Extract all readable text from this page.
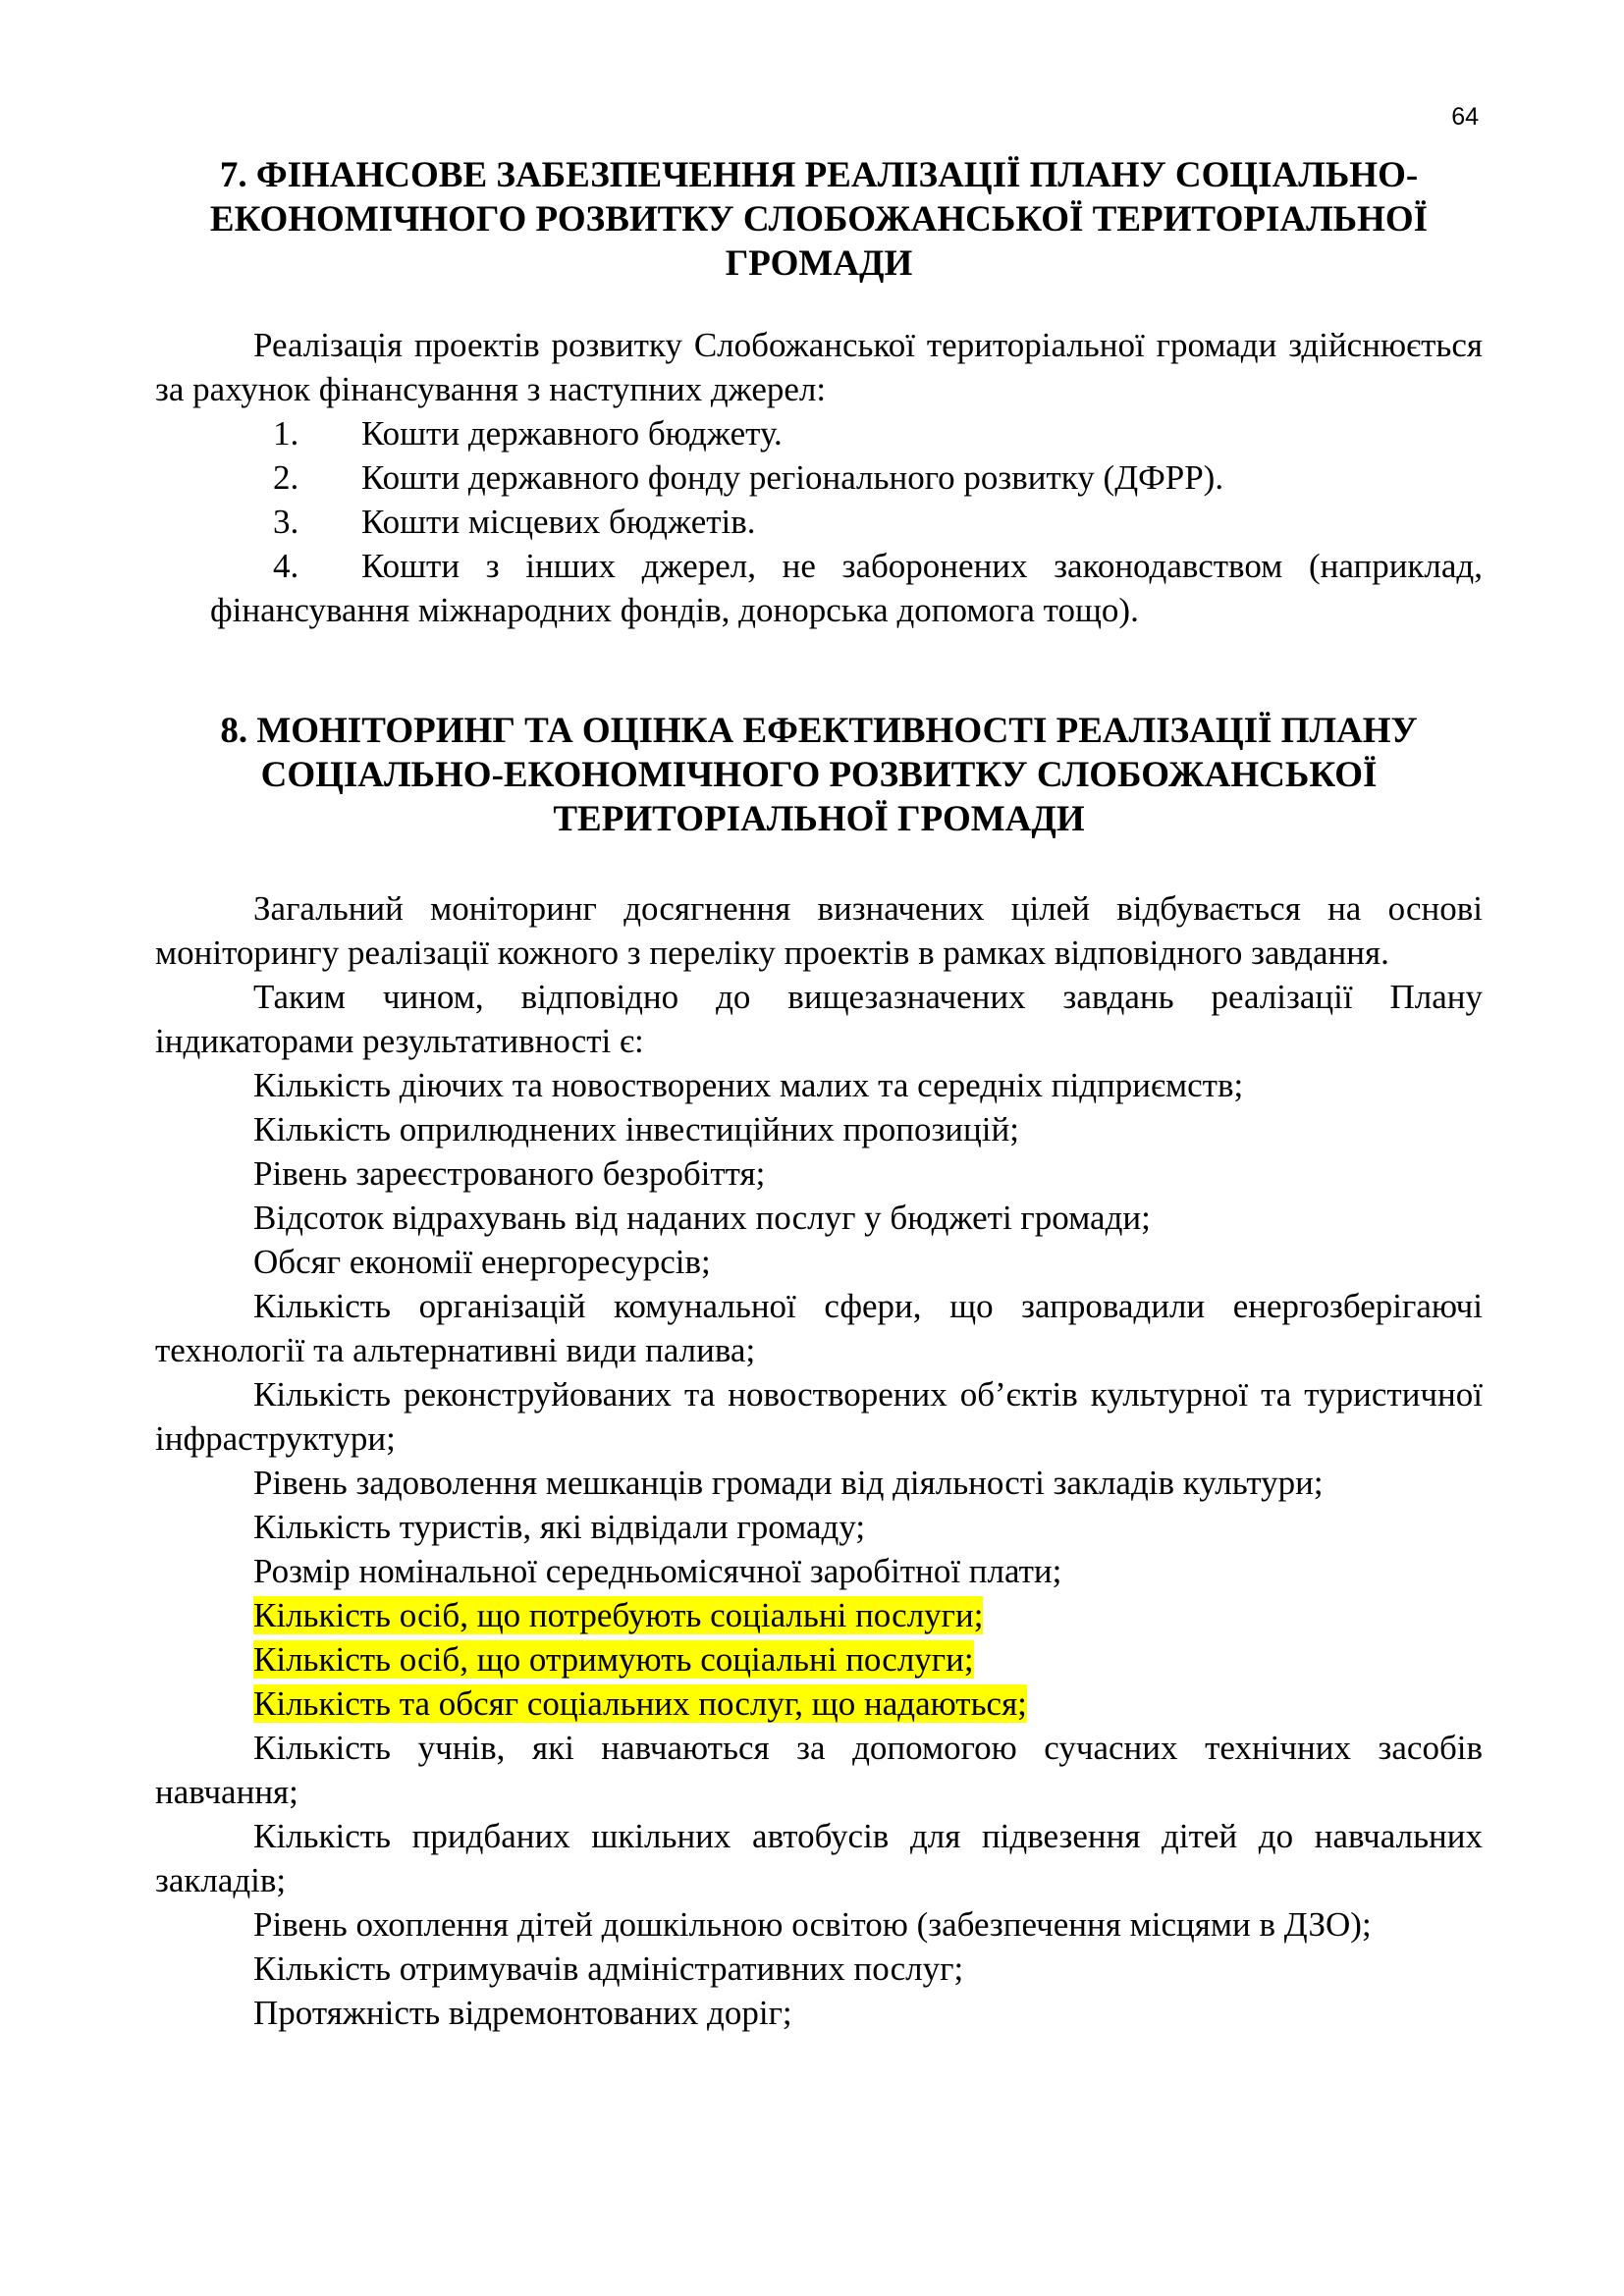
64
7. ФІНАНСОВЕ ЗАБЕЗПЕЧЕННЯ РЕАЛІЗАЦІЇ ПЛАНУ СОЦІАЛЬНО-
ЕКОНОМІЧНОГО РОЗВИТКУ СЛОБОЖАНСЬКОЇ ТЕРИТОРІАЛЬНОЇ
ГРОМАДИ

Реалізація проектів розвитку Слобожанської територіальної громади здійснюється за рахунок фінансування з наступних джерел:

1. Кошти державного бюджету.
2. Кошти державного фонду регіонального розвитку (ДФРР).
3. Кошти місцевих бюджетів.
4. Кошти з інших джерел, не заборонених законодавством (наприклад, фінансування міжнародних фондів, донорська допомога тощо).
8. МОНІТОРИНГ ТА ОЦІНКА ЕФЕКТИВНОСТІ РЕАЛІЗАЦІЇ ПЛАНУ
СОЦІАЛЬНО-ЕКОНОМІЧНОГО РОЗВИТКУ СЛОБОЖАНСЬКОЇ
ТЕРИТОРІАЛЬНОЇ ГРОМАДИ

Загальний моніторинг досягнення визначених цілей відбувається на основі моніторингу реалізації кожного з переліку проектів в рамках відповідного завдання.

Таким чином, відповідно до вищезазначених завдань реалізації Плану індикаторами результативності є:

Кількість діючих та новостворених малих та середніх підприємств;

Кількість оприлюднених інвестиційних пропозицій;

Рівень зареєстрованого безробіття;

Відсоток відрахувань від наданих послуг у бюджеті громади;

Обсяг економії енергоресурсів;

Кількість організацій комунальної сфери, що запровадили енергозберігаючі технології та альтернативні види палива;

Кількість реконструйованих та новостворених об’єктів культурної та туристичної інфраструктури;

Рівень задоволення мешканців громади від діяльності закладів культури;

Кількість туристів, які відвідали громаду;

Розмір номінальної середньомісячної заробітної плати;

Кількість осіб, що потребують соціальні послуги;

Кількість осіб, що отримують соціальні послуги;

Кількість та обсяг соціальних послуг, що надаються;

Кількість учнів, які навчаються за допомогою сучасних технічних засобів навчання;

Кількість придбаних шкільних автобусів для підвезення дітей до навчальних закладів;

Рівень охоплення дітей дошкільною освітою (забезпечення місцями в ДЗО);

Кількість отримувачів адміністративних послуг;

Протяжність відремонтованих доріг;
